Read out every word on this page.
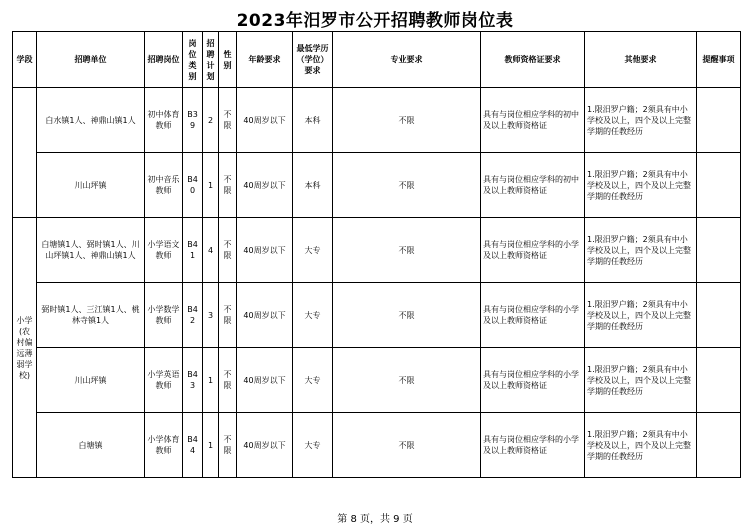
2023年汨罗市公开招聘教师岗位表
学段	招聘单位	招聘岗位	岗位类别	招聘计划	性别	年龄要求	最低学历（学位）要求	专业要求	教师资格证要求	其他要求	提醒事项
	白水镇1人、神鼎山镇1人	初中体育教师	B39	2	不限	40周岁以下	本科	不限	具有与岗位相应学科的初中及以上教师资格证	1.限汨罗户籍；2须具有中小学校及以上，四个及以上完整学期的任教经历	
	川山坪镇	初中音乐教师	B40	1	不限	40周岁以下	本科	不限	具有与岗位相应学科的初中及以上教师资格证	1.限汨罗户籍；2须具有中小学校及以上，四个及以上完整学期的任教经历	
小学(农村偏远薄弱学校)	白塘镇1人、弼时镇1人、川山坪镇1人、神鼎山镇1人	小学语文教师	B41	4	不限	40周岁以下	大专	不限	具有与岗位相应学科的小学及以上教师资格证	1.限汨罗户籍；2须具有中小学校及以上，四个及以上完整学期的任教经历	
	弼时镇1人、三江镇1人、桃林寺镇1人	小学数学教师	B42	3	不限	40周岁以下	大专	不限	具有与岗位相应学科的小学及以上教师资格证	1.限汨罗户籍；2须具有中小学校及以上，四个及以上完整学期的任教经历	
	川山坪镇	小学英语教师	B43	1	不限	40周岁以下	大专	不限	具有与岗位相应学科的小学及以上教师资格证	1.限汨罗户籍；2须具有中小学校及以上，四个及以上完整学期的任教经历	
	白塘镇	小学体育教师	B44	1	不限	40周岁以下	大专	不限	具有与岗位相应学科的小学及以上教师资格证	1.限汨罗户籍；2须具有中小学校及以上，四个及以上完整学期的任教经历	
第 8 页，共 9 页
